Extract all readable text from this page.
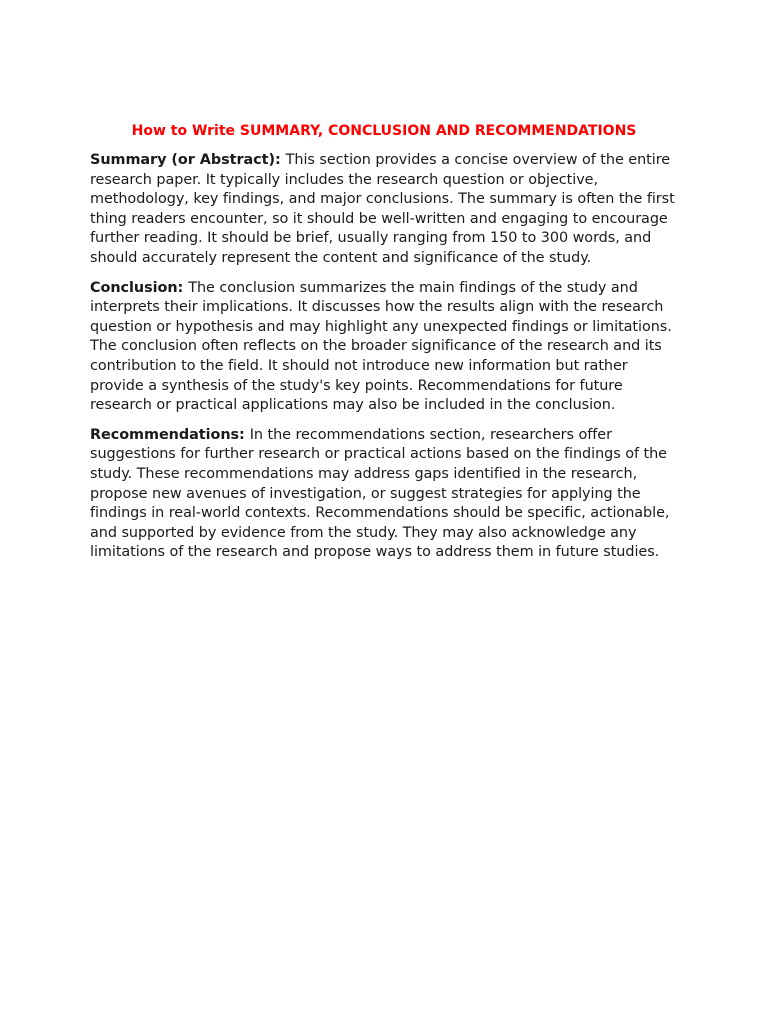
How to Write SUMMARY, CONCLUSION AND RECOMMENDATIONS

Summary (or Abstract): This section provides a concise overview of the entire research paper. It typically includes the research question or objective, methodology, key findings, and major conclusions. The summary is often the first thing readers encounter, so it should be well-written and engaging to encourage further reading. It should be brief, usually ranging from 150 to 300 words, and should accurately represent the content and significance of the study.

Conclusion: The conclusion summarizes the main findings of the study and interprets their implications. It discusses how the results align with the research question or hypothesis and may highlight any unexpected findings or limitations. The conclusion often reflects on the broader significance of the research and its contribution to the field. It should not introduce new information but rather provide a synthesis of the study's key points. Recommendations for future research or practical applications may also be included in the conclusion.

Recommendations: In the recommendations section, researchers offer suggestions for further research or practical actions based on the findings of the study. These recommendations may address gaps identified in the research, propose new avenues of investigation, or suggest strategies for applying the findings in real-world contexts. Recommendations should be specific, actionable, and supported by evidence from the study. They may also acknowledge any limitations of the research and propose ways to address them in future studies.
